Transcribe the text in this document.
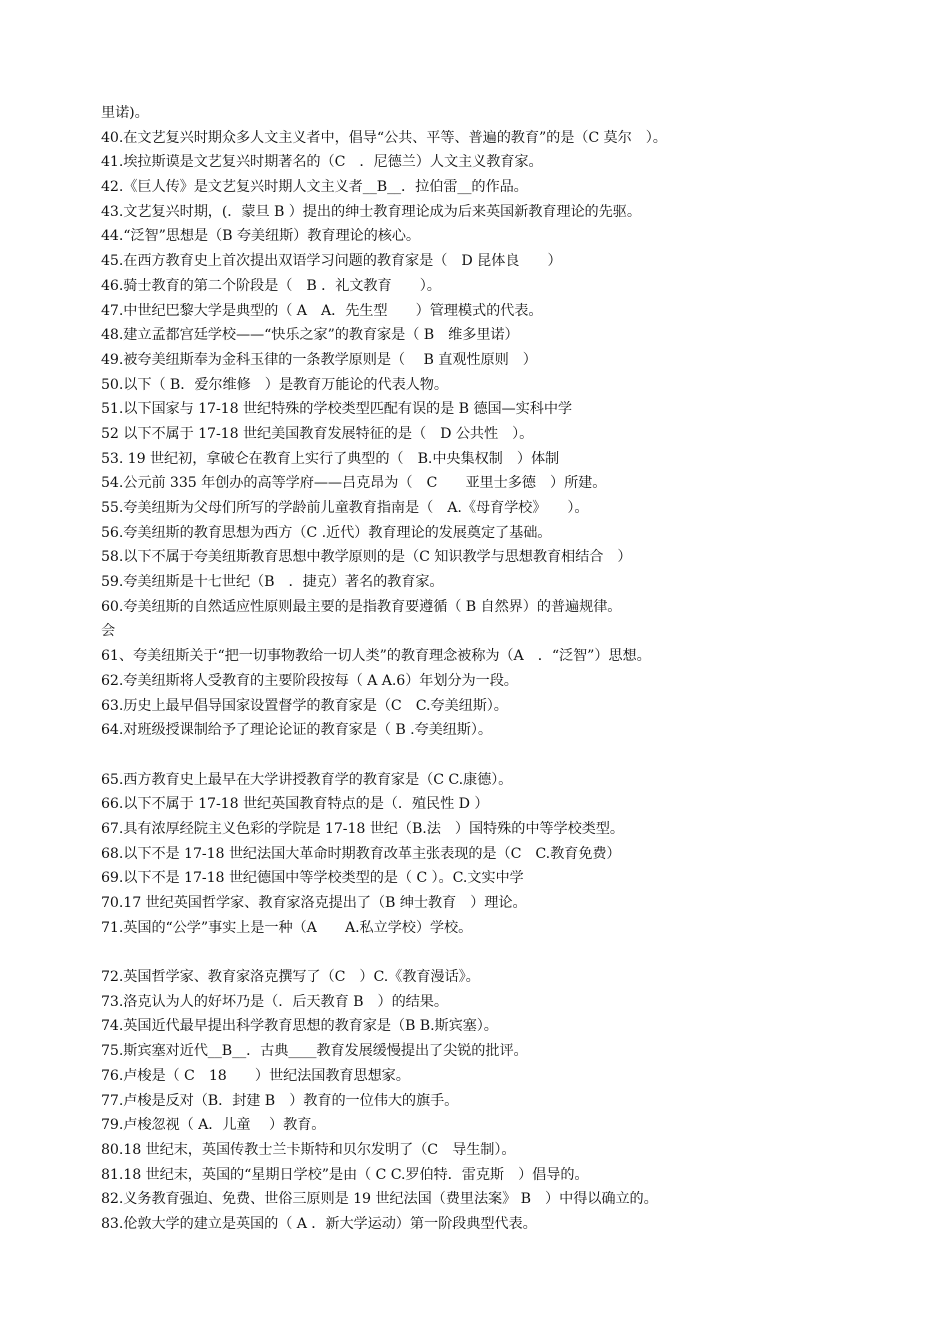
里诺)。
40.在文艺复兴时期众多人文主义者中，倡导“公共、平等、普遍的教育”的是（C 莫尔　）。
41.埃拉斯谟是文艺复兴时期著名的（C　．尼德兰）人文主义教育家。
42.《巨人传》是文艺复兴时期人文主义者__B__．拉伯雷__的作品。
43.文艺复兴时期，(．蒙旦 B ）提出的绅士教育理论成为后来英国新教育理论的先驱。
44.“泛智”思想是（B 夸美纽斯）教育理论的核心。
45.在西方教育史上首次提出双语学习问题的教育家是（　D 昆体良　　）
46.骑士教育的第二个阶段是（　B ．礼文教育　　）。
47.中世纪巴黎大学是典型的（ A　A．先生型　　）管理模式的代表。
48.建立孟都宫廷学校——“快乐之家”的教育家是（ B　维多里诺）
49.被夸美纽斯奉为金科玉律的一条教学原则是（　 B 直观性原则　）
50.以下（ B．爱尔维修　）是教育万能论的代表人物。
51.以下国家与 17-18 世纪特殊的学校类型匹配有误的是 B 德国—实科中学
52 以下不属于 17-18 世纪美国教育发展特征的是（　D 公共性　）。
53. 19 世纪初，拿破仑在教育上实行了典型的（　B.中央集权制　）体制
54.公元前 335 年创办的高等学府——吕克昂为（　C　　亚里士多德　）所建。
55.夸美纽斯为父母们所写的学龄前儿童教育指南是（　A.《母育学校》　　）。
56.夸美纽斯的教育思想为西方（C .近代）教育理论的发展奠定了基础。
58.以下不属于夸美纽斯教育思想中教学原则的是（C 知识教学与思想教育相结合　）
59.夸美纽斯是十七世纪（B　．捷克）著名的教育家。
60.夸美纽斯的自然适应性原则最主要的是指教育要遵循（ B 自然界）的普遍规律。
会
61、夸美纽斯关于“把一切事物教给一切人类”的教育理念被称为（A　．“泛智”）思想。
62.夸美纽斯将人受教育的主要阶段按每（ A A.6）年划分为一段。
63.历史上最早倡导国家设置督学的教育家是（C　C.夸美纽斯）。
64.对班级授课制给予了理论论证的教育家是（ B .夸美纽斯）。
65.西方教育史上最早在大学讲授教育学的教育家是（C C.康德）。
66.以下不属于 17-18 世纪英国教育特点的是（．殖民性 D ）
67.具有浓厚经院主义色彩的学院是 17-18 世纪（B.法　）国特殊的中等学校类型。
68.以下不是 17-18 世纪法国大革命时期教育改革主张表现的是（C　C.教育免费）
69.以下不是 17-18 世纪德国中等学校类型的是（ C ）。C.文实中学
70.17 世纪英国哲学家、教育家洛克提出了（B 绅士教育　）理论。
71.英国的“公学”事实上是一种（A　　A.私立学校）学校。
72.英国哲学家、教育家洛克撰写了（C　）C.《教育漫话》。
73.洛克认为人的好坏乃是（．后天教育 B　）的结果。
74.英国近代最早提出科学教育思想的教育家是（B B.斯宾塞）。
75.斯宾塞对近代__B__．古典____教育发展缓慢提出了尖锐的批评。
76.卢梭是（ C　18　　）世纪法国教育思想家。
77.卢梭是反对（B．封建 B　）教育的一位伟大的旗手。
79.卢梭忽视（ A．儿童　 ）教育。
80.18 世纪末，英国传教士兰卡斯特和贝尔发明了（C　导生制）。
81.18 世纪末，英国的“星期日学校”是由（ C C.罗伯特．雷克斯　）倡导的。
82.义务教育强迫、免费、世俗三原则是 19 世纪法国（费里法案》 B　）中得以确立的。
83.伦敦大学的建立是英国的（ A ．新大学运动）第一阶段典型代表。
